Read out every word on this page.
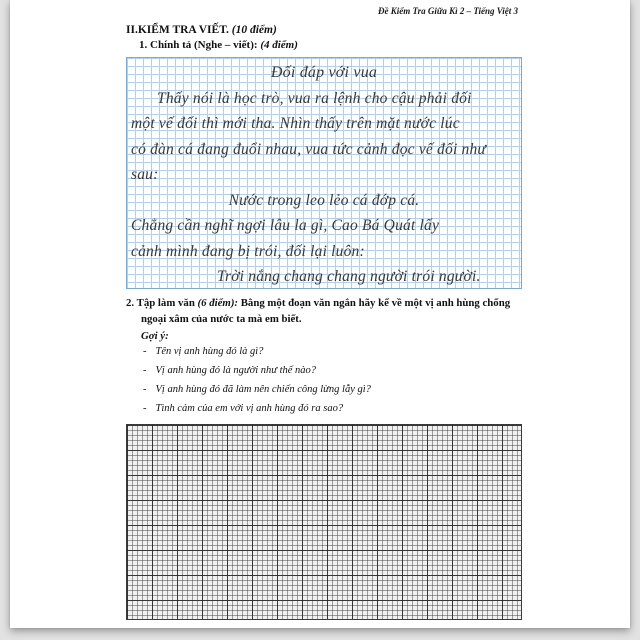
Đề Kiểm Tra Giữa Kì 2 – Tiếng Việt 3
II.KIỂM TRA VIẾT. (10 điểm)
1. Chính tả (Nghe – viết): (4 điểm)
Đối đáp với vua
Thấy nói là học trò, vua ra lệnh cho cậu phải đối
một vế đối thì mới tha. Nhìn thấy trên mặt nước lúc
có đàn cá đang đuổi nhau, vua tức cảnh đọc vế đối như
sau:
Nước trong leo lẻo cá đớp cá.
Chẳng cần nghĩ ngợi lâu la gì, Cao Bá Quát lấy
cảnh mình đang bị trói, đối lại luôn:
Trời nắng chang chang người trói người.
2. Tập làm văn (6 điểm): Bằng một đoạn văn ngắn hãy kể về một vị anh hùng chống ngoại xâm của nước ta mà em biết.
Gợi ý:
- Tên vị anh hùng đó là gì?
- Vị anh hùng đó là người như thế nào?
- Vị anh hùng đó đã làm nên chiến công lừng lẫy gì?
- Tình cảm của em với vị anh hùng đó ra sao?
